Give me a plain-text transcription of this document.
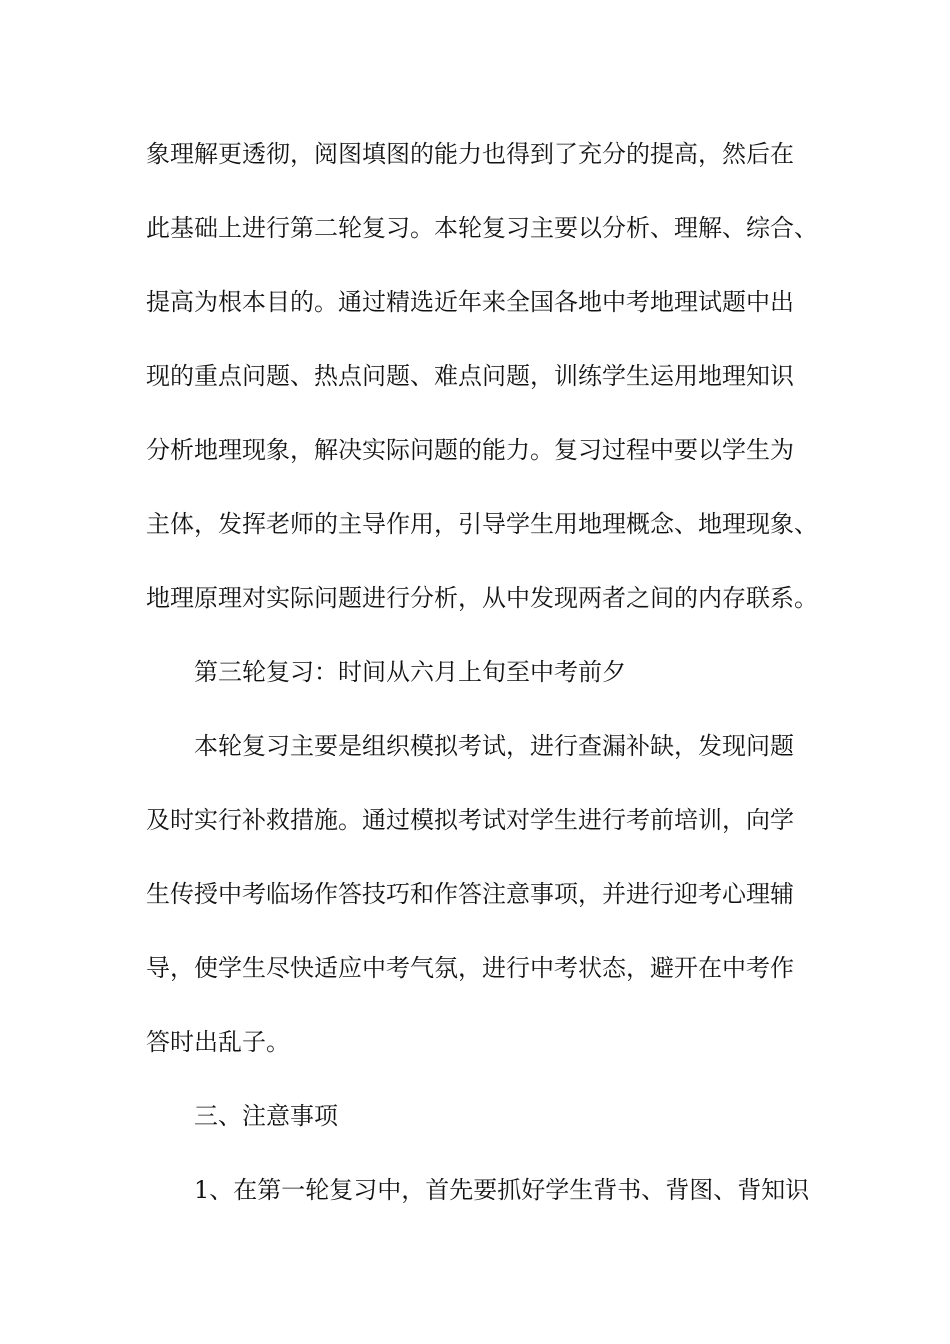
象理解更透彻，阅图填图的能力也得到了充分的提高，然后在
此基础上进行第二轮复习。本轮复习主要以分析、理解、综合、
提高为根本目的。通过精选近年来全国各地中考地理试题中出
现的重点问题、热点问题、难点问题，训练学生运用地理知识
分析地理现象，解决实际问题的能力。复习过程中要以学生为
主体，发挥老师的主导作用，引导学生用地理概念、地理现象、
地理原理对实际问题进行分析，从中发现两者之间的内存联系。
第三轮复习：时间从六月上旬至中考前夕
本轮复习主要是组织模拟考试，进行查漏补缺，发现问题
及时实行补救措施。通过模拟考试对学生进行考前培训，向学
生传授中考临场作答技巧和作答注意事项，并进行迎考心理辅
导，使学生尽快适应中考气氛，进行中考状态，避开在中考作
答时出乱子。
三、注意事项
1、在第一轮复习中，首先要抓好学生背书、背图、背知识
